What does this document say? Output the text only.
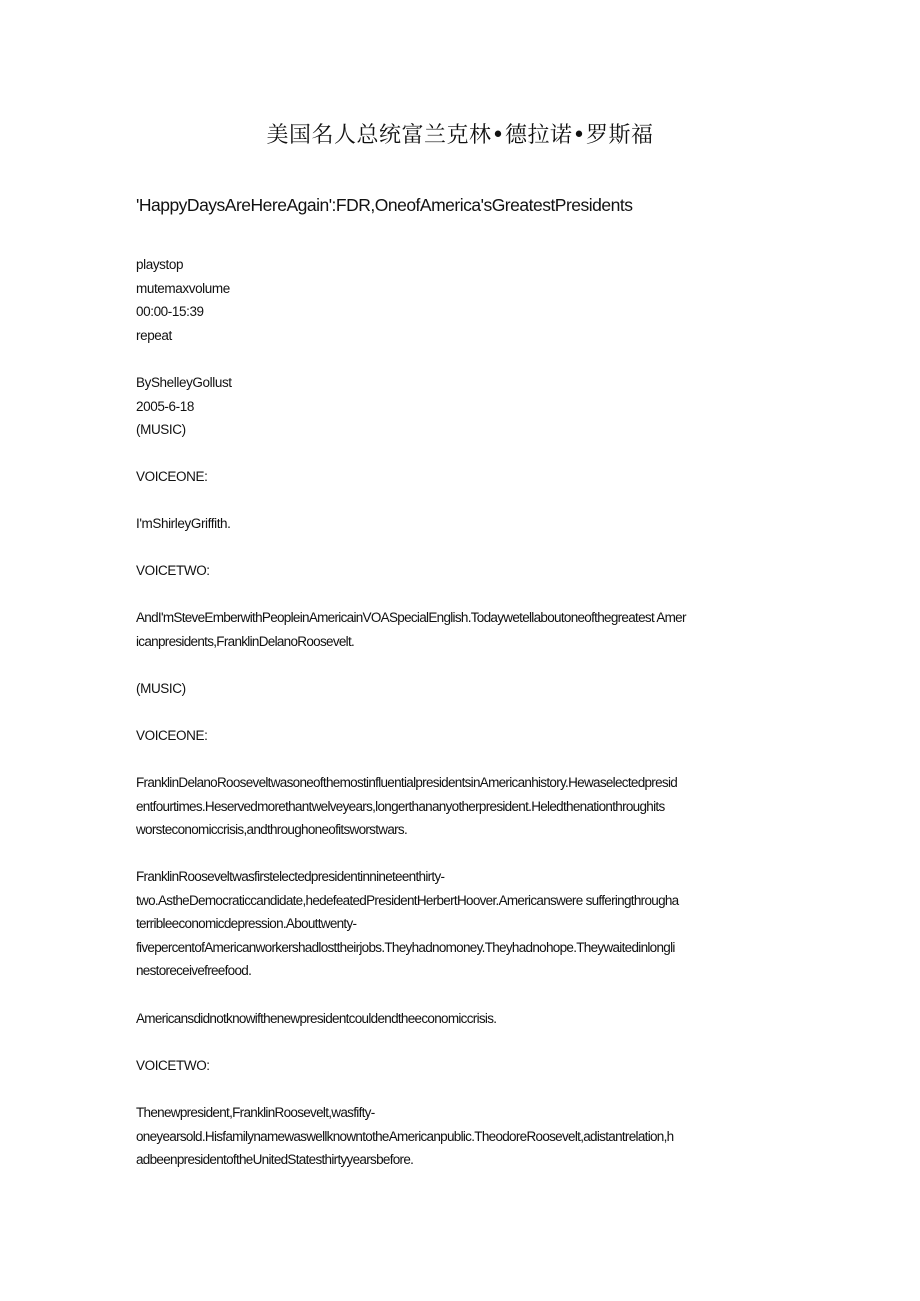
美国名人总统富兰克林•德拉诺•罗斯福
'HappyDaysAreHereAgain':FDR,OneofAmerica'sGreatestPresidents
playstop
mutemaxvolume
00:00-15:39
repeat
ByShelleyGollust
2005-6-18
(MUSIC)
VOICEONE:
I'mShirleyGriffith.
VOICETWO:
AndI'mSteveEmberwithPeopleinAmericainVOASpecialEnglish.Todaywetellaboutoneofthegreatest Amer
icanpresidents,FranklinDelanoRoosevelt.
(MUSIC)
VOICEONE:
FranklinDelanoRooseveltwasoneofthemostinfluentialpresidentsinAmericanhistory.Hewaselectedpresid
entfourtimes.Heservedmorethantwelveyears,longerthananyotherpresident.Heledthenationthroughits
worsteconomiccrisis,andthroughoneofitsworstwars.
FranklinRooseveltwasfirstelectedpresidentinnineteenthirty-
two.AstheDemocraticcandidate,hedefeatedPresidentHerbertHoover.Americanswere sufferingthrougha
terribleeconomicdepression.Abouttwenty-
fivepercentofAmericanworkershadlosttheirjobs.Theyhadnomoney.Theyhadnohope.Theywaitedinlongli
nestoreceivefreefood.
Americansdidnotknowifthenewpresidentcouldendtheeconomiccrisis.
VOICETWO:
Thenewpresident,FranklinRoosevelt,wasfifty-
oneyearsold.HisfamilynamewaswellknowntotheAmericanpublic.TheodoreRoosevelt,adistantrelation,h
adbeenpresidentoftheUnitedStatesthirtyyearsbefore.
